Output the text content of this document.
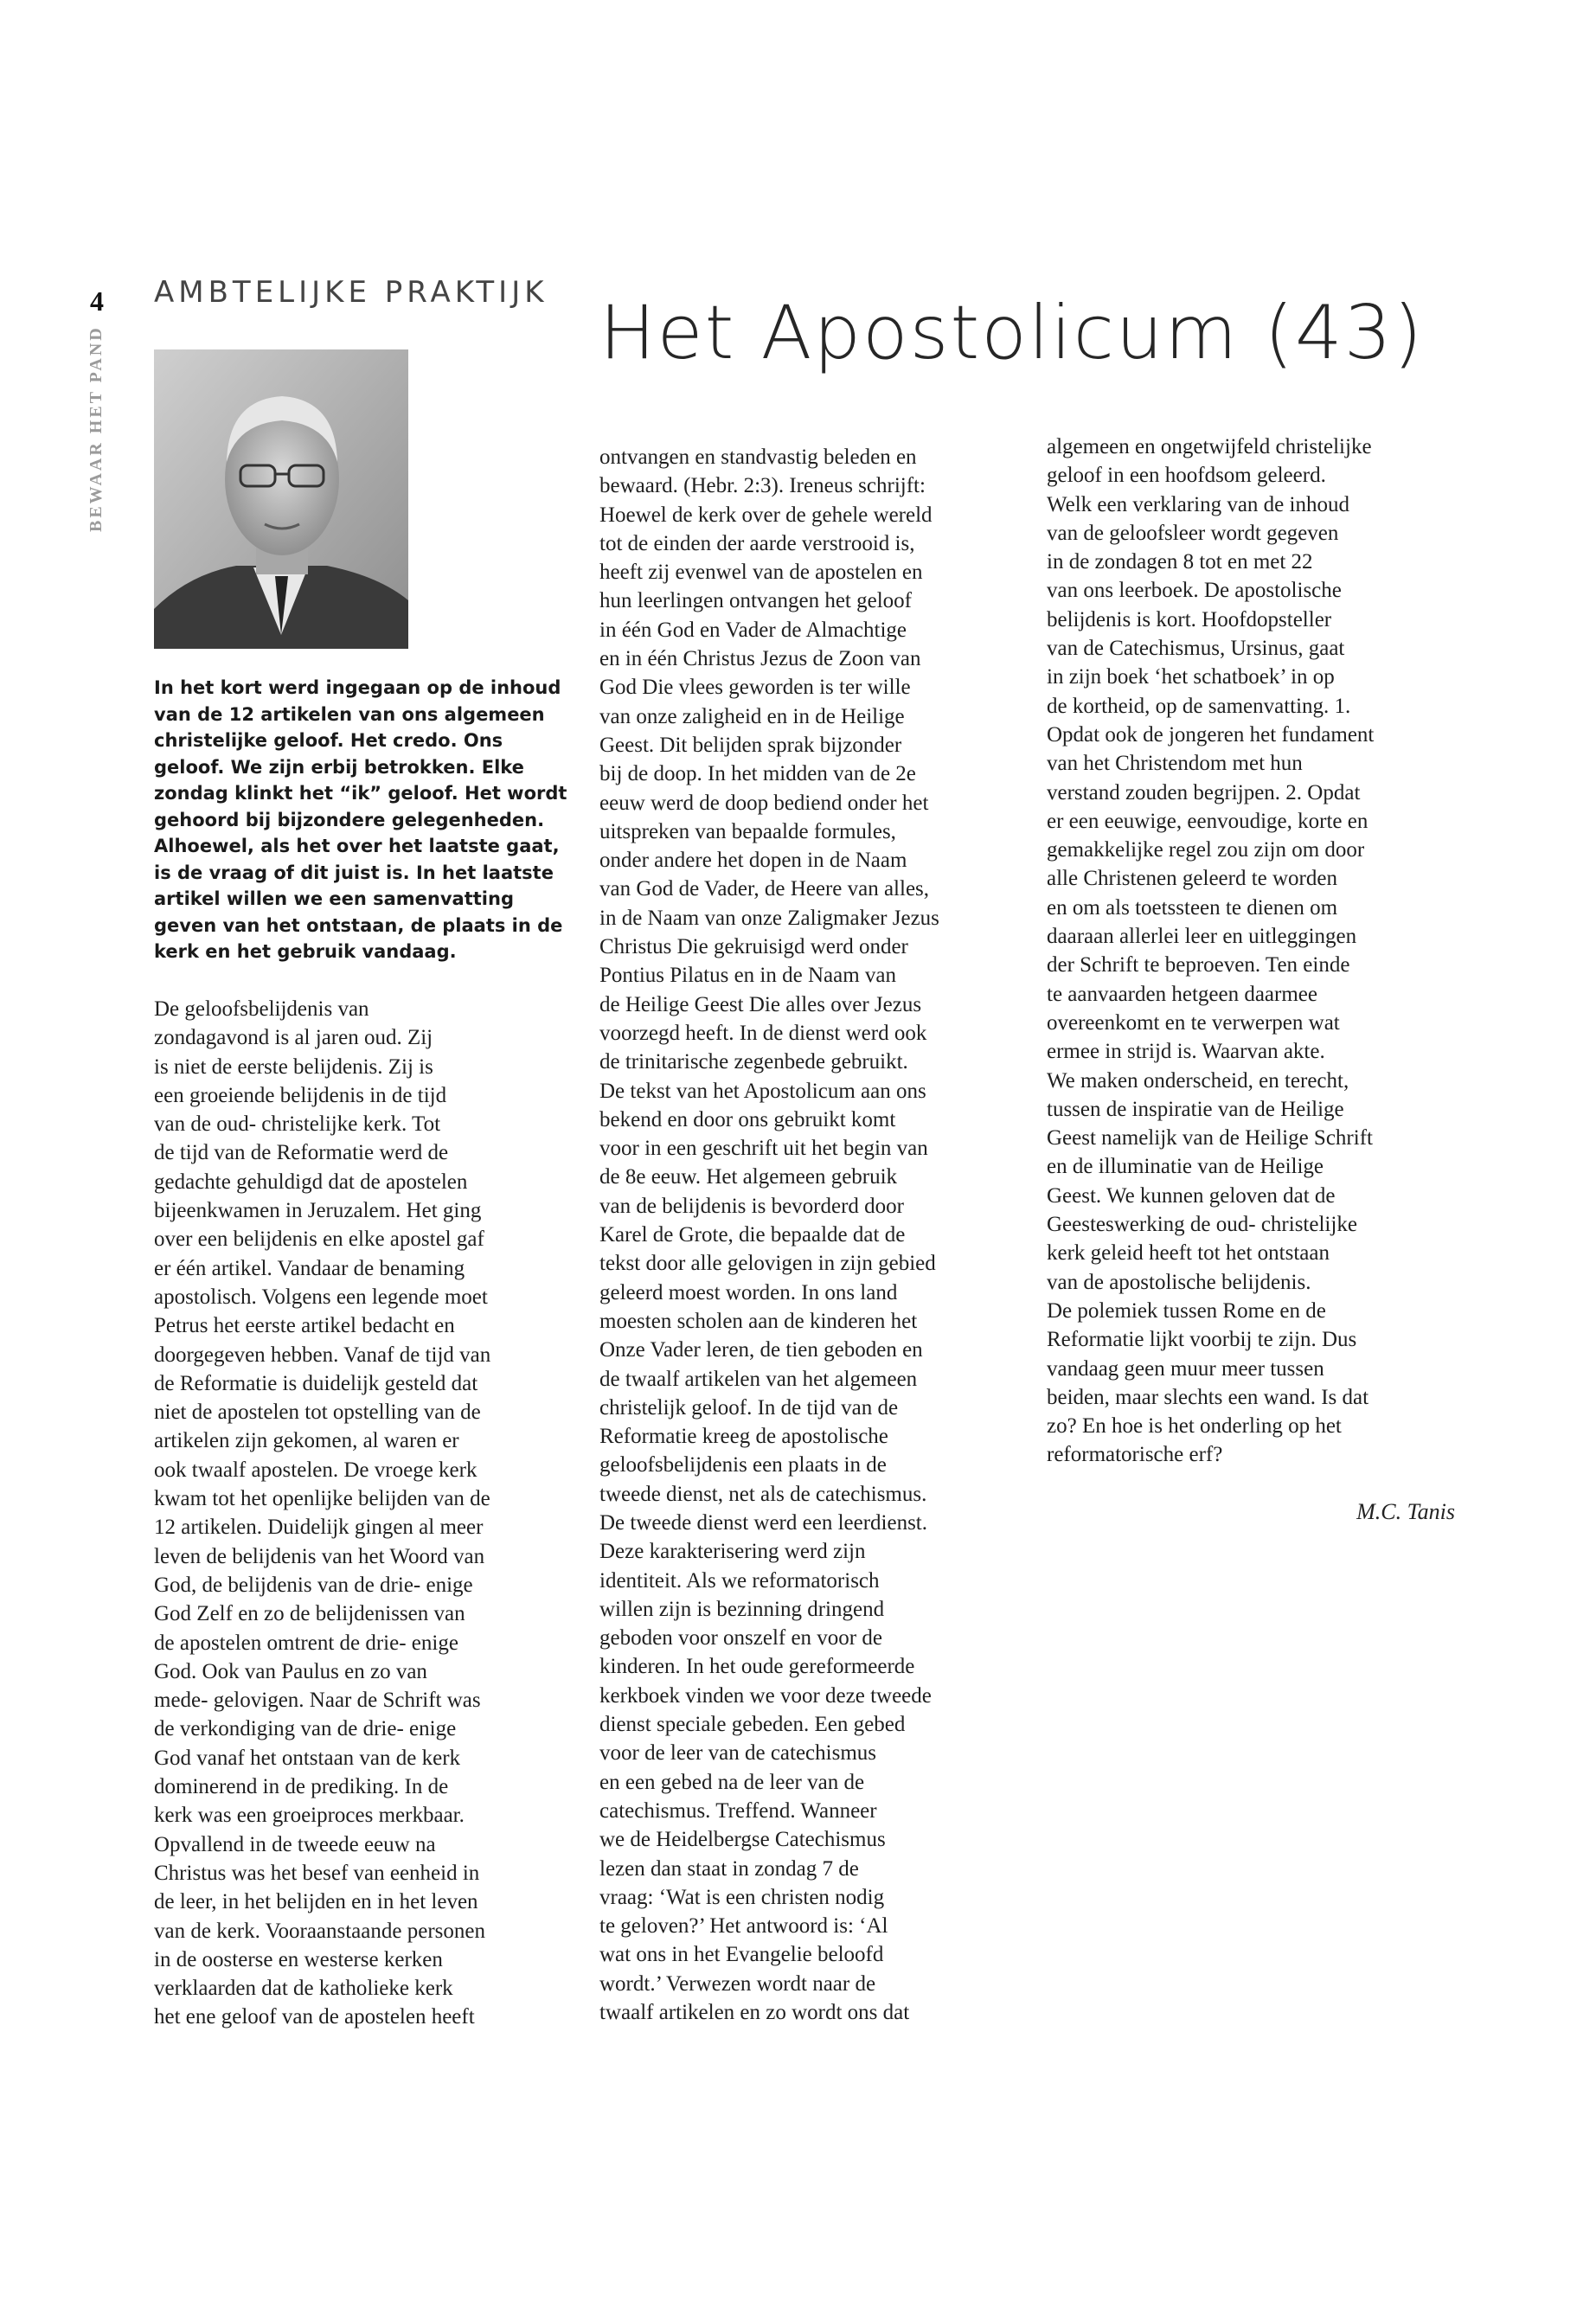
4
BEWAAR HET PAND
AMBTELIJKE PRAKTIJK Het Apostolicum (43)
In het kort werd ingegaan op de inhoud van de 12 artikelen van ons algemeen christelijke geloof. Het credo. Ons geloof. We zijn erbij betrokken. Elke zondag klinkt het “ik” geloof. Het wordt gehoord bij bijzondere gelegenheden. Alhoewel, als het over het laatste gaat, is de vraag of dit juist is. In het laatste artikel willen we een samenvatting geven van het ontstaan, de plaats in de kerk en het gebruik vandaag.
De geloofsbelijdenis van
zondagavond is al jaren oud. Zij
is niet de eerste belijdenis. Zij is
een groeiende belijdenis in de tijd
van de oud- christelijke kerk. Tot
de tijd van de Reformatie werd de
gedachte gehuldigd dat de apostelen
bijeenkwamen in Jeruzalem. Het ging
over een belijdenis en elke apostel gaf
er één artikel. Vandaar de benaming
apostolisch. Volgens een legende moet
Petrus het eerste artikel bedacht en
doorgegeven hebben. Vanaf de tijd van
de Reformatie is duidelijk gesteld dat
niet de apostelen tot opstelling van de
artikelen zijn gekomen, al waren er
ook twaalf apostelen. De vroege kerk
kwam tot het openlijke belijden van de
12 artikelen. Duidelijk gingen al meer
leven de belijdenis van het Woord van
God, de belijdenis van de drie- enige
God Zelf en zo de belijdenissen van
de apostelen omtrent de drie- enige
God. Ook van Paulus en zo van
mede- gelovigen. Naar de Schrift was
de verkondiging van de drie- enige
God vanaf het ontstaan van de kerk
dominerend in de prediking. In de
kerk was een groeiproces merkbaar.
Opvallend in de tweede eeuw na
Christus was het besef van eenheid in
de leer, in het belijden en in het leven
van de kerk. Vooraanstaande personen
in de oosterse en westerse kerken
verklaarden dat de katholieke kerk
het ene geloof van de apostelen heeft
ontvangen en standvastig beleden en
bewaard. (Hebr. 2:3). Ireneus schrijft:
Hoewel de kerk over de gehele wereld
tot de einden der aarde verstrooid is,
heeft zij evenwel van de apostelen en
hun leerlingen ontvangen het geloof
in één God en Vader de Almachtige
en in één Christus Jezus de Zoon van
God Die vlees geworden is ter wille
van onze zaligheid en in de Heilige
Geest. Dit belijden sprak bijzonder
bij de doop. In het midden van de 2e
eeuw werd de doop bediend onder het
uitspreken van bepaalde formules,
onder andere het dopen in de Naam
van God de Vader, de Heere van alles,
in de Naam van onze Zaligmaker Jezus
Christus Die gekruisigd werd onder
Pontius Pilatus en in de Naam van
de Heilige Geest Die alles over Jezus
voorzegd heeft. In de dienst werd ook
de trinitarische zegenbede gebruikt.
De tekst van het Apostolicum aan ons
bekend en door ons gebruikt komt
voor in een geschrift uit het begin van
de 8e eeuw. Het algemeen gebruik
van de belijdenis is bevorderd door
Karel de Grote, die bepaalde dat de
tekst door alle gelovigen in zijn gebied
geleerd moest worden. In ons land
moesten scholen aan de kinderen het
Onze Vader leren, de tien geboden en
de twaalf artikelen van het algemeen
christelijk geloof. In de tijd van de
Reformatie kreeg de apostolische
geloofsbelijdenis een plaats in de
tweede dienst, net als de catechismus.
De tweede dienst werd een leerdienst.
Deze karakterisering werd zijn
identiteit. Als we reformatorisch
willen zijn is bezinning dringend
geboden voor onszelf en voor de
kinderen. In het oude gereformeerde
kerkboek vinden we voor deze tweede
dienst speciale gebeden. Een gebed
voor de leer van de catechismus
en een gebed na de leer van de
catechismus. Treffend. Wanneer
we de Heidelbergse Catechismus
lezen dan staat in zondag 7 de
vraag: ‘Wat is een christen nodig
te geloven?’ Het antwoord is: ‘Al
wat ons in het Evangelie beloofd
wordt.’ Verwezen wordt naar de
twaalf artikelen en zo wordt ons dat
algemeen en ongetwijfeld christelijke
geloof in een hoofdsom geleerd.
Welk een verklaring van de inhoud
van de geloofsleer wordt gegeven
in de zondagen 8 tot en met 22
van ons leerboek. De apostolische
belijdenis is kort. Hoofdopsteller
van de Catechismus, Ursinus, gaat
in zijn boek ‘het schatboek’ in op
de kortheid, op de samenvatting. 1.
Opdat ook de jongeren het fundament
van het Christendom met hun
verstand zouden begrijpen. 2. Opdat
er een eeuwige, eenvoudige, korte en
gemakkelijke regel zou zijn om door
alle Christenen geleerd te worden
en om als toetssteen te dienen om
daaraan allerlei leer en uitleggingen
der Schrift te beproeven. Ten einde
te aanvaarden hetgeen daarmee
overeenkomt en te verwerpen wat
ermee in strijd is. Waarvan akte.
We maken onderscheid, en terecht,
tussen de inspiratie van de Heilige
Geest namelijk van de Heilige Schrift
en de illuminatie van de Heilige
Geest. We kunnen geloven dat de
Geesteswerking de oud- christelijke
kerk geleid heeft tot het ontstaan
van de apostolische belijdenis.
De polemiek tussen Rome en de
Reformatie lijkt voorbij te zijn. Dus
vandaag geen muur meer tussen
beiden, maar slechts een wand. Is dat
zo? En hoe is het onderling op het
reformatorische erf?
M.C. Tanis
